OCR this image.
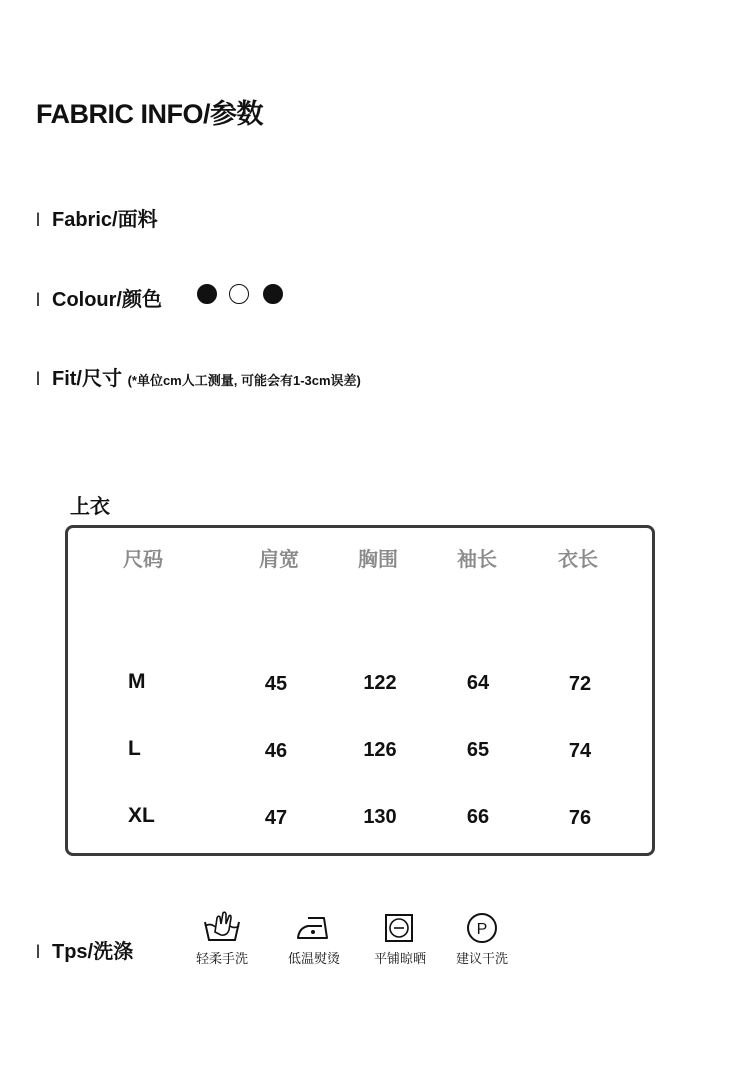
FABRIC INFO/参数
l Fabric/面料
l Colour/颜色
l Fit/尺寸 (*单位cm人工测量, 可能会有1-3cm误差)
上衣
尺码	肩宽	胸围	袖长	衣长
M	45	122	64	72
L	46	126	65	74
XL	47	130	66	76
l Tps/洗涤	轻柔手洗	低温熨烫	平铺晾晒
P
建议干洗
